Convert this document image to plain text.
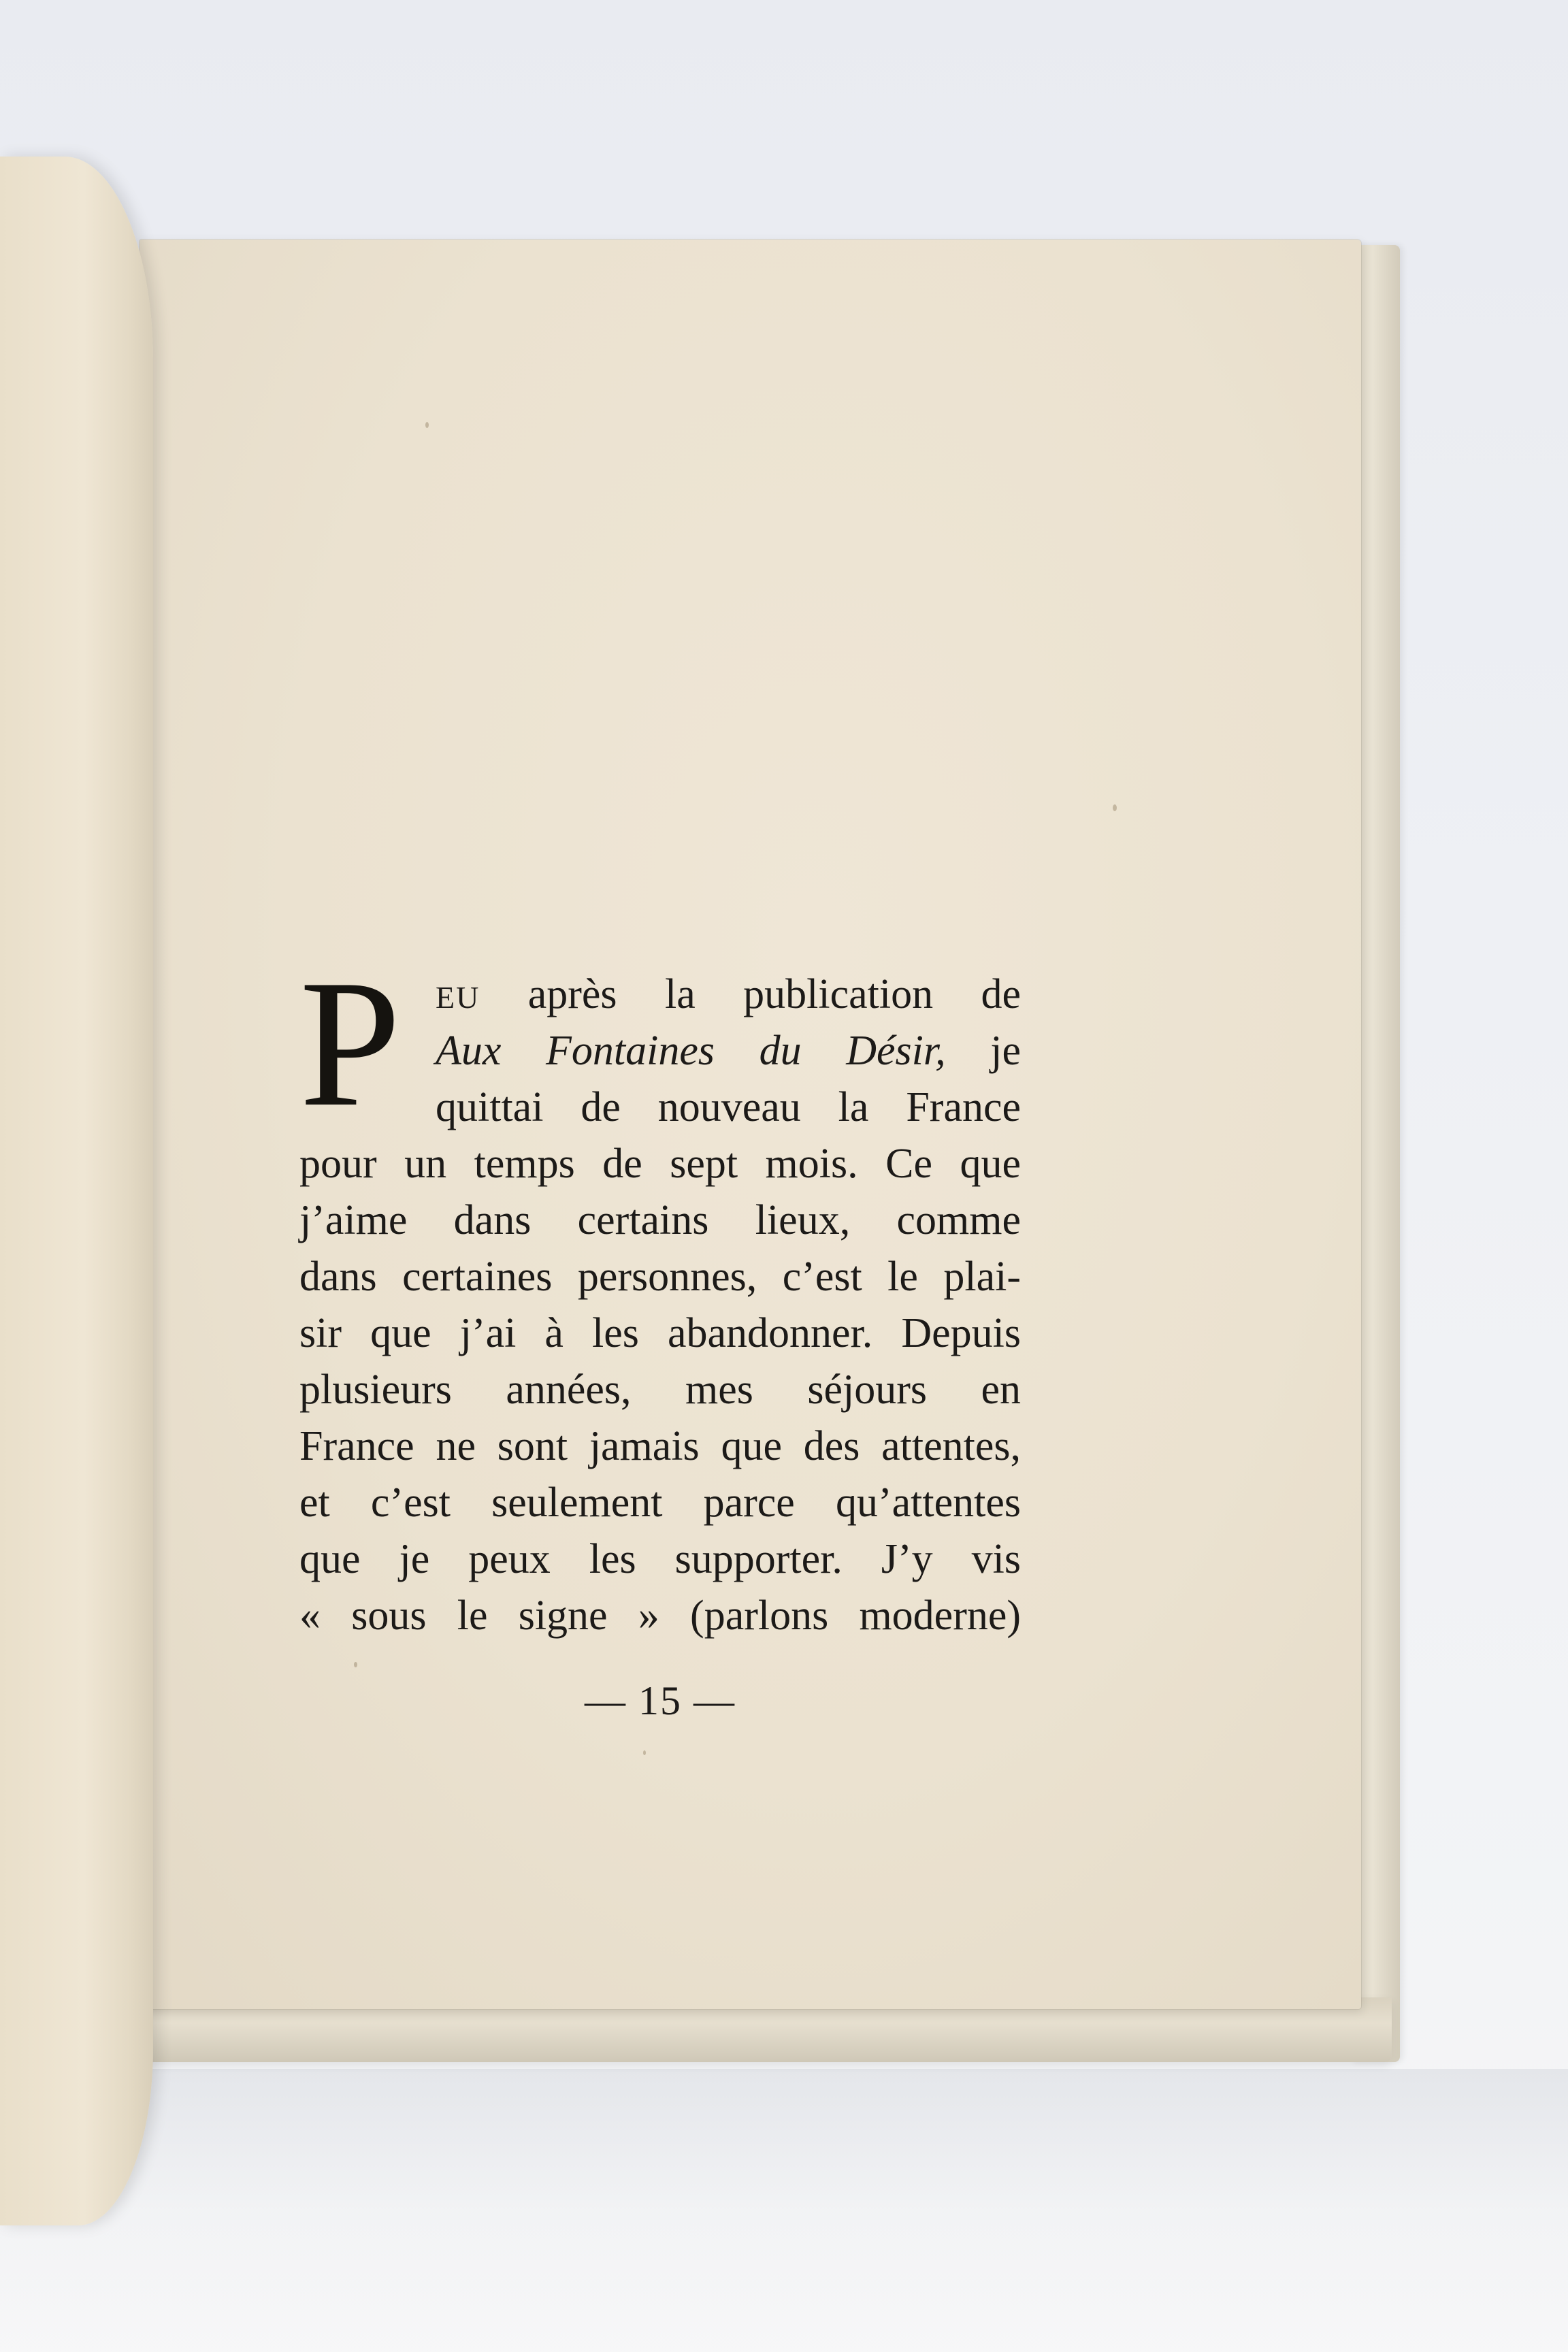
P EU après la publication de
Aux Fontaines du Désir, je
quittai de nouveau la France
pour un temps de sept mois. Ce que
j’aime dans certains lieux, comme
dans certaines personnes, c’est le plai-
sir que j’ai à les abandonner. Depuis
plusieurs années, mes séjours en
France ne sont jamais que des attentes,
et c’est seulement parce qu’attentes
que je peux les supporter. J’y vis
« sous le signe » (parlons moderne)
— 15 —
